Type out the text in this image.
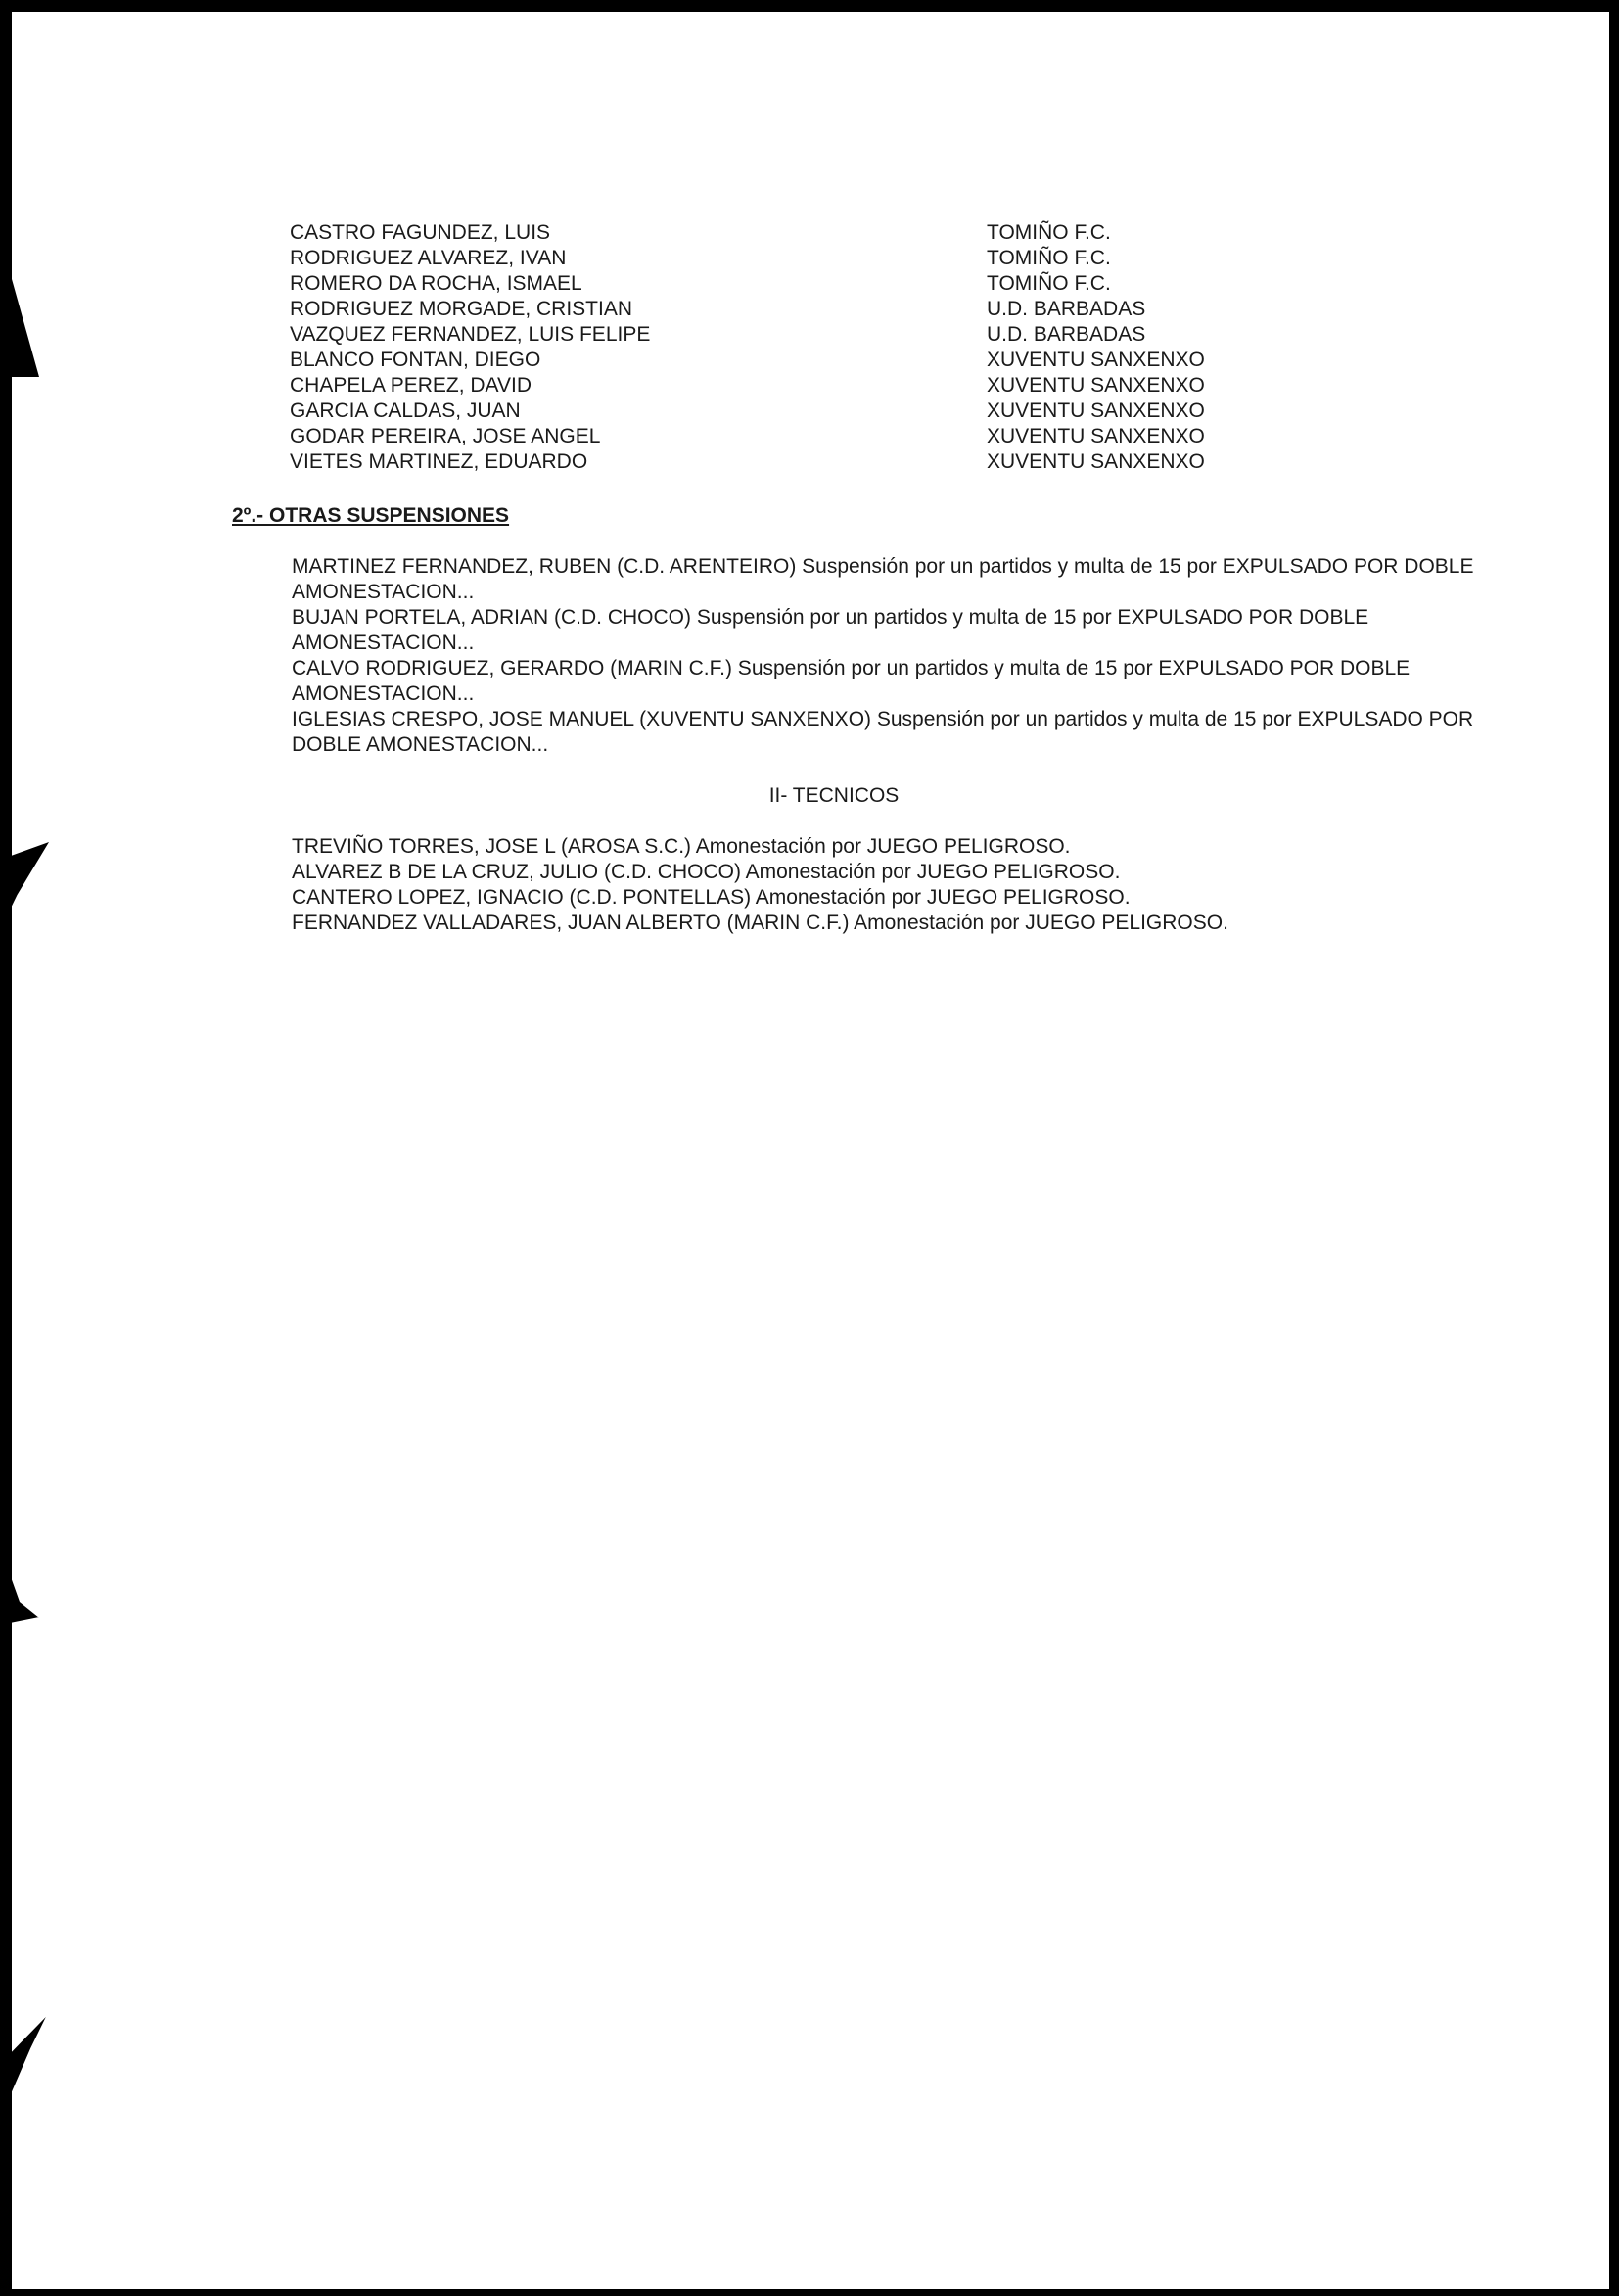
CASTRO FAGUNDEZ, LUIS	TOMIÑO F.C.
RODRIGUEZ ALVAREZ, IVAN	TOMIÑO F.C.
ROMERO DA ROCHA, ISMAEL	TOMIÑO F.C.
RODRIGUEZ MORGADE, CRISTIAN	U.D. BARBADAS
VAZQUEZ FERNANDEZ, LUIS FELIPE	U.D. BARBADAS
BLANCO FONTAN, DIEGO	XUVENTU SANXENXO
CHAPELA PEREZ, DAVID	XUVENTU SANXENXO
GARCIA CALDAS, JUAN	XUVENTU SANXENXO
GODAR PEREIRA, JOSE ANGEL	XUVENTU SANXENXO
VIETES MARTINEZ, EDUARDO	XUVENTU SANXENXO
2º.- OTRAS SUSPENSIONES
MARTINEZ FERNANDEZ, RUBEN (C.D. ARENTEIRO) Suspensión por un partidos y multa de 15 por EXPULSADO POR DOBLE AMONESTACION...
BUJAN PORTELA, ADRIAN (C.D. CHOCO) Suspensión por un partidos y multa de 15 por EXPULSADO POR DOBLE AMONESTACION...
CALVO RODRIGUEZ, GERARDO (MARIN C.F.) Suspensión por un partidos y multa de 15 por EXPULSADO POR DOBLE AMONESTACION...
IGLESIAS CRESPO, JOSE MANUEL (XUVENTU SANXENXO) Suspensión por un partidos y multa de 15 por EXPULSADO POR DOBLE AMONESTACION...
II- TECNICOS
TREVIÑO TORRES, JOSE L (AROSA S.C.) Amonestación por JUEGO PELIGROSO.
ALVAREZ B DE LA CRUZ, JULIO (C.D. CHOCO) Amonestación por JUEGO PELIGROSO.
CANTERO LOPEZ, IGNACIO (C.D. PONTELLAS) Amonestación por JUEGO PELIGROSO.
FERNANDEZ VALLADARES, JUAN ALBERTO (MARIN C.F.) Amonestación por JUEGO PELIGROSO.
